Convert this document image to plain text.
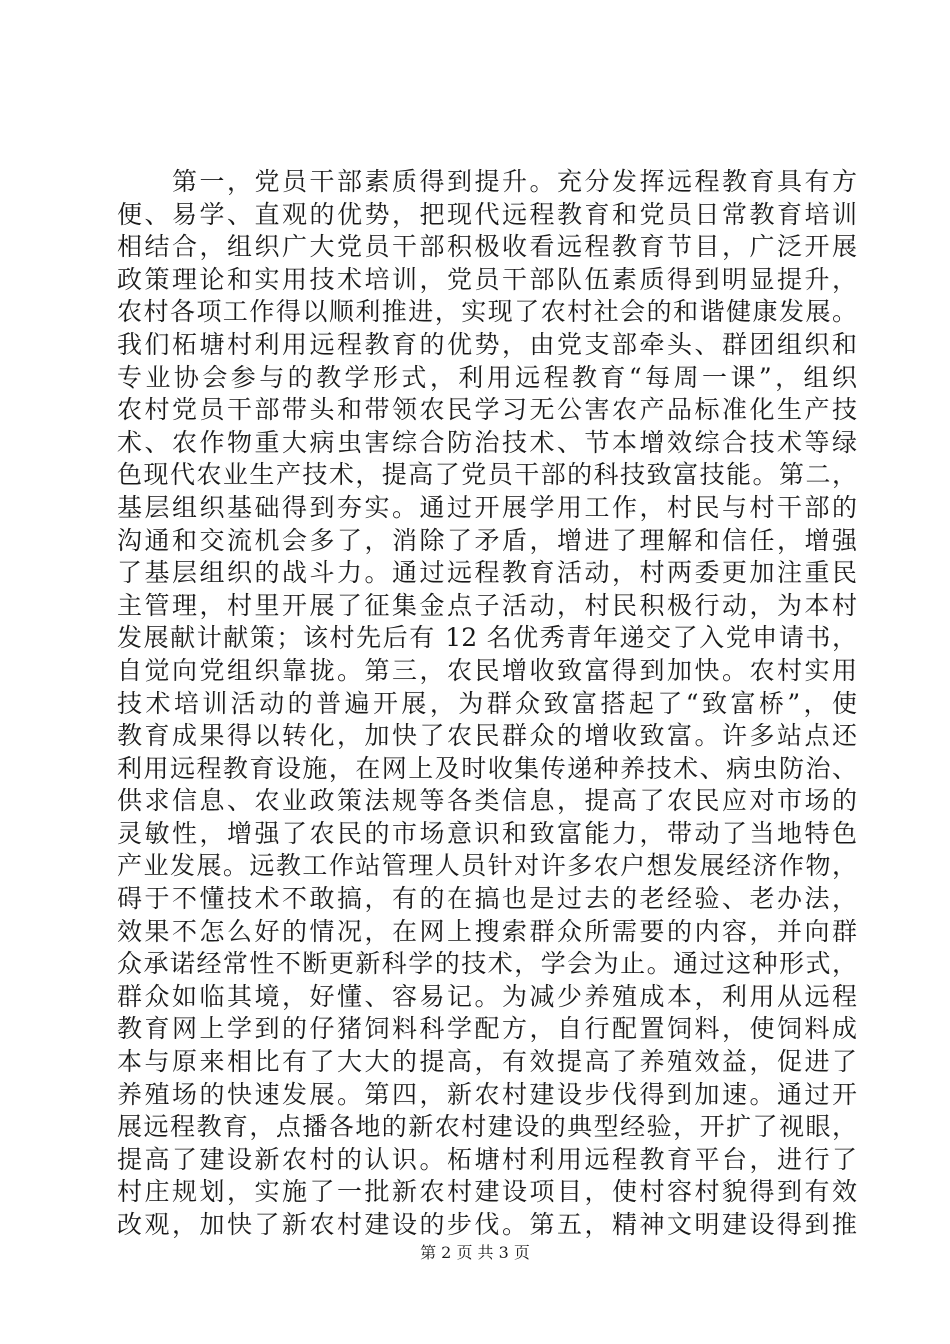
　　第一，党员干部素质得到提升。充分发挥远程教育具有方
便、易学、直观的优势，把现代远程教育和党员日常教育培训
相结合，组织广大党员干部积极收看远程教育节目，广泛开展
政策理论和实用技术培训，党员干部队伍素质得到明显提升，
农村各项工作得以顺利推进，实现了农村社会的和谐健康发展。
我们柘塘村利用远程教育的优势，由党支部牵头、群团组织和
专业协会参与的教学形式，利用远程教育“每周一课”，组织
农村党员干部带头和带领农民学习无公害农产品标准化生产技
术、农作物重大病虫害综合防治技术、节本增效综合技术等绿
色现代农业生产技术，提高了党员干部的科技致富技能。第二，
基层组织基础得到夯实。通过开展学用工作，村民与村干部的
沟通和交流机会多了，消除了矛盾，增进了理解和信任，增强
了基层组织的战斗力。通过远程教育活动，村两委更加注重民
主管理，村里开展了征集金点子活动，村民积极行动，为本村
发展献计献策；该村先后有 12 名优秀青年递交了入党申请书，
自觉向党组织靠拢。第三，农民增收致富得到加快。农村实用
技术培训活动的普遍开展，为群众致富搭起了“致富桥”，使
教育成果得以转化，加快了农民群众的增收致富。许多站点还
利用远程教育设施，在网上及时收集传递种养技术、病虫防治、
供求信息、农业政策法规等各类信息，提高了农民应对市场的
灵敏性，增强了农民的市场意识和致富能力，带动了当地特色
产业发展。远教工作站管理人员针对许多农户想发展经济作物，
碍于不懂技术不敢搞，有的在搞也是过去的老经验、老办法，
效果不怎么好的情况，在网上搜索群众所需要的内容，并向群
众承诺经常性不断更新科学的技术，学会为止。通过这种形式，
群众如临其境，好懂、容易记。为减少养殖成本，利用从远程
教育网上学到的仔猪饲料科学配方，自行配置饲料，使饲料成
本与原来相比有了大大的提高，有效提高了养殖效益，促进了
养殖场的快速发展。第四，新农村建设步伐得到加速。通过开
展远程教育，点播各地的新农村建设的典型经验，开扩了视眼，
提高了建设新农村的认识。柘塘村利用远程教育平台，进行了
村庄规划，实施了一批新农村建设项目，使村容村貌得到有效
改观，加快了新农村建设的步伐。第五，精神文明建设得到推
第 2 页 共 3 页
